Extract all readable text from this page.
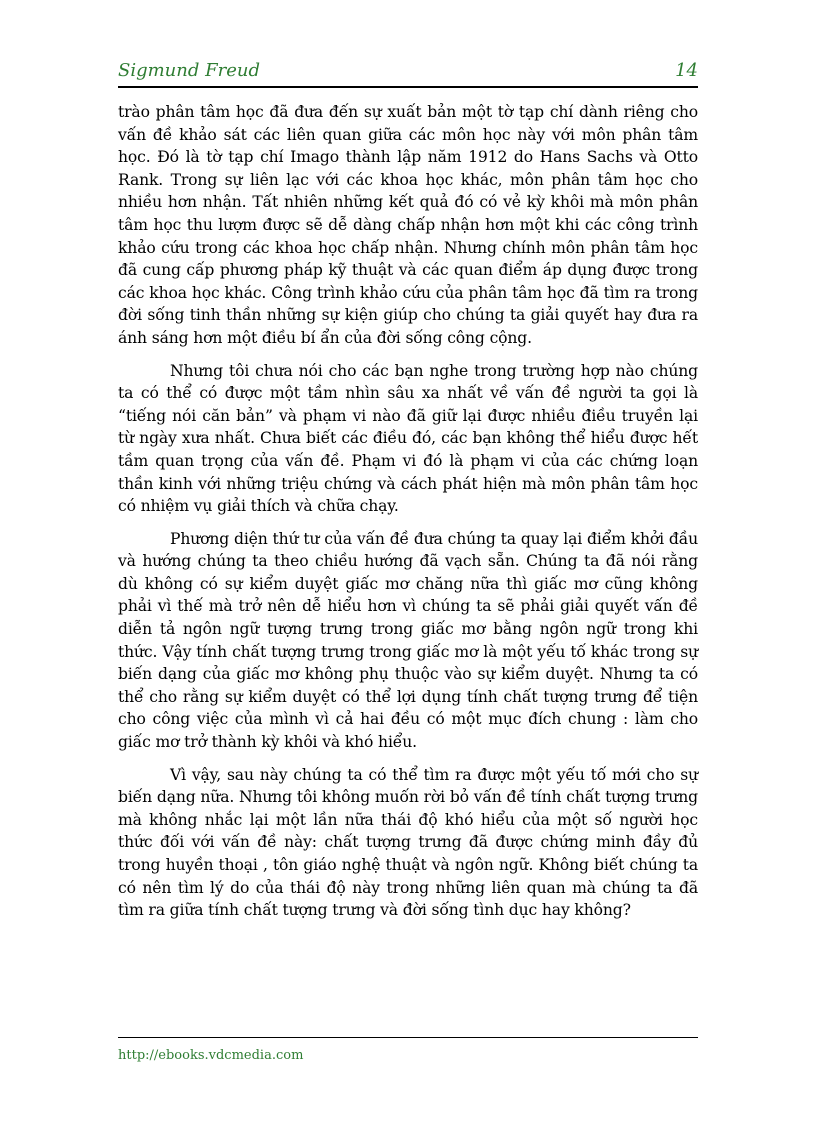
Sigmund Freud	14

trào phân tâm học đã đưa đến sự xuất bản một tờ tạp chí dành riêng cho vấn đề khảo sát các liên quan giữa các môn học này với môn phân tâm học. Đó là tờ tạp chí Imago thành lập năm 1912 do Hans Sachs và Otto Rank. Trong sự liên lạc với các khoa học khác, môn phân tâm học cho nhiều hơn nhận. Tất nhiên những kết quả đó có vẻ kỳ khôi mà môn phân tâm học thu lượm được sẽ dễ dàng chấp nhận hơn một khi các công trình khảo cứu trong các khoa học chấp nhận. Nhưng chính môn phân tâm học đã cung cấp phương pháp kỹ thuật và các quan điểm áp dụng được trong các khoa học khác. Công trình khảo cứu của phân tâm học đã tìm ra trong đời sống tinh thần những sự kiện giúp cho chúng ta giải quyết hay đưa ra ánh sáng hơn một điều bí ẩn của đời sống công cộng.

Nhưng tôi chưa nói cho các bạn nghe trong trường hợp nào chúng ta có thể có được một tầm nhìn sâu xa nhất về vấn đề người ta gọi là “tiếng nói căn bản” và phạm vi nào đã giữ lại được nhiều điều truyền lại từ ngày xưa nhất. Chưa biết các điều đó, các bạn không thể hiểu được hết tầm quan trọng của vấn đề. Phạm vi đó là phạm vi của các chứng loạn thần kinh với những triệu chứng và cách phát hiện mà môn phân tâm học có nhiệm vụ giải thích và chữa chạy.

Phương diện thứ tư của vấn đề đưa chúng ta quay lại điểm khởi đầu và hướng chúng ta theo chiều hướng đã vạch sẵn. Chúng ta đã nói rằng dù không có sự kiểm duyệt giấc mơ chăng nữa thì giấc mơ cũng không phải vì thế mà trở nên dễ hiểu hơn vì chúng ta sẽ phải giải quyết vấn đề diễn tả ngôn ngữ tượng trưng trong giấc mơ bằng ngôn ngữ trong khi thức. Vậy tính chất tượng trưng trong giấc mơ là một yếu tố khác trong sự biến dạng của giấc mơ không phụ thuộc vào sự kiểm duyệt. Nhưng ta có thể cho rằng sự kiểm duyệt có thể lợi dụng tính chất tượng trưng để tiện cho công việc của mình vì cả hai đều có một mục đích chung : làm cho giấc mơ trở thành kỳ khôi và khó hiểu.

Vì vậy, sau này chúng ta có thể tìm ra được một yếu tố mới cho sự biến dạng nữa. Nhưng tôi không muốn rời bỏ vấn đề tính chất tượng trưng mà không nhắc lại một lần nữa thái độ khó hiểu của một số người học thức đối với vấn đề này: chất tượng trưng đã được chứng minh đầy đủ trong huyền thoại , tôn giáo nghệ thuật và ngôn ngữ. Không biết chúng ta có nên tìm lý do của thái độ này trong những liên quan mà chúng ta đã tìm ra giữa tính chất tượng trưng và đời sống tình dục hay không?

http://ebooks.vdcmedia.com
